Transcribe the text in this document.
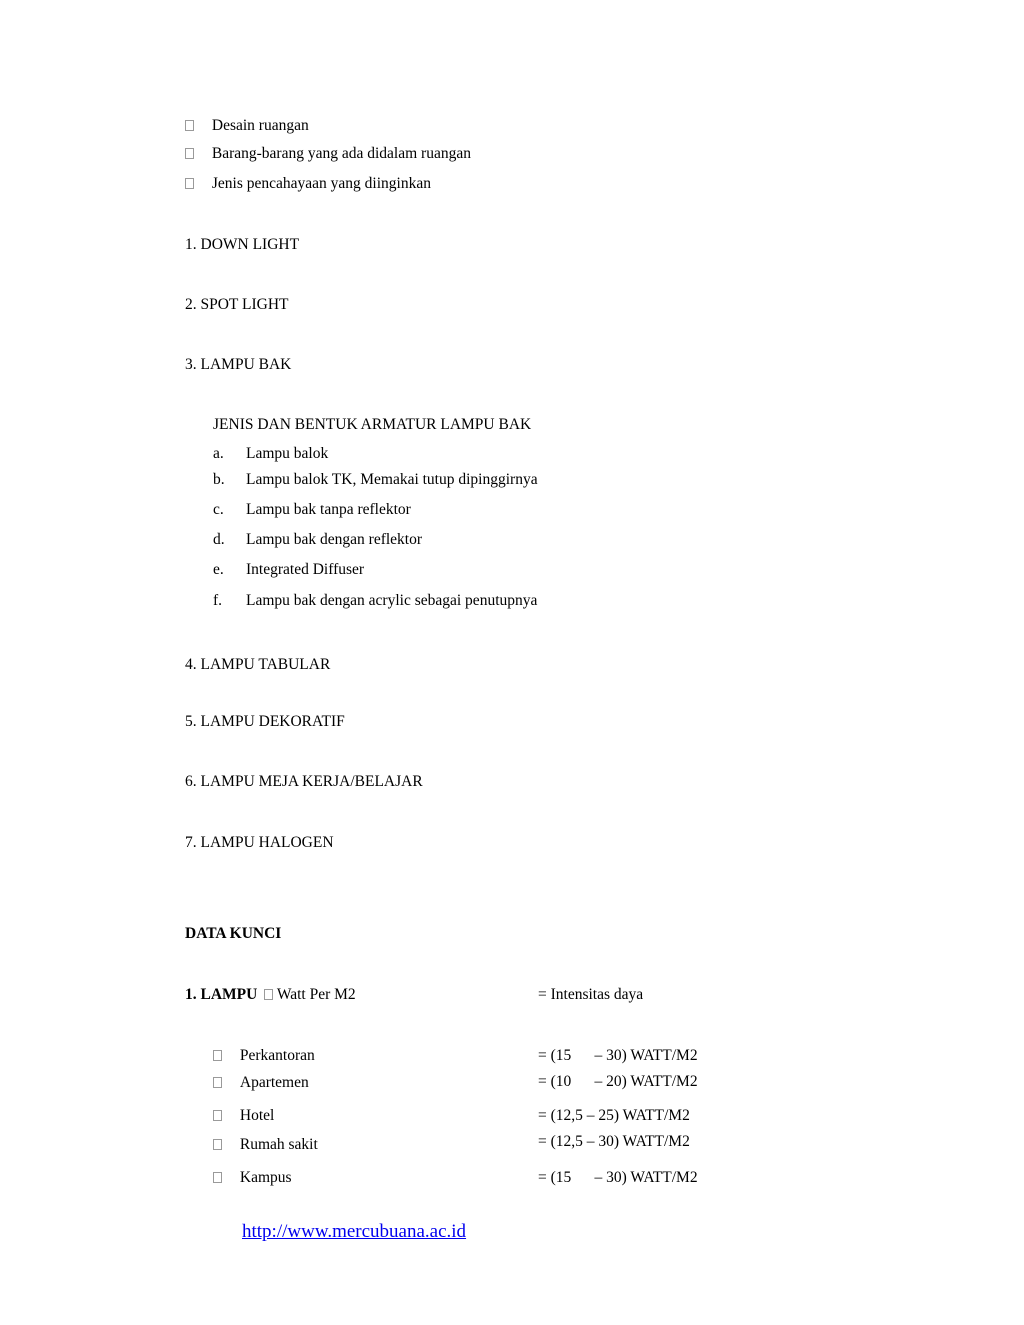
Desain ruangan
Barang-barang yang ada didalam ruangan
Jenis pencahayaan yang diinginkan
1. DOWN LIGHT
2. SPOT LIGHT
3. LAMPU BAK
JENIS DAN BENTUK ARMATUR LAMPU BAK
a. Lampu balok
b. Lampu balok TK, Memakai tutup dipinggirnya
c. Lampu bak tanpa reflektor
d. Lampu bak dengan reflektor
e. Integrated Diffuser
f. Lampu bak dengan acrylic sebagai penutupnya
4. LAMPU TABULAR
5. LAMPU DEKORATIF
6. LAMPU MEJA KERJA/BELAJAR
7. LAMPU HALOGEN
DATA KUNCI
1. LAMPU Watt Per M2	= Intensitas daya
Perkantoran	= (15      – 30) WATT/M2
Apartemen	= (10      – 20) WATT/M2
Hotel	= (12,5 – 25) WATT/M2
Rumah sakit	= (12,5 – 30) WATT/M2
Kampus	= (15      – 30) WATT/M2
http://www.mercubuana.ac.id
